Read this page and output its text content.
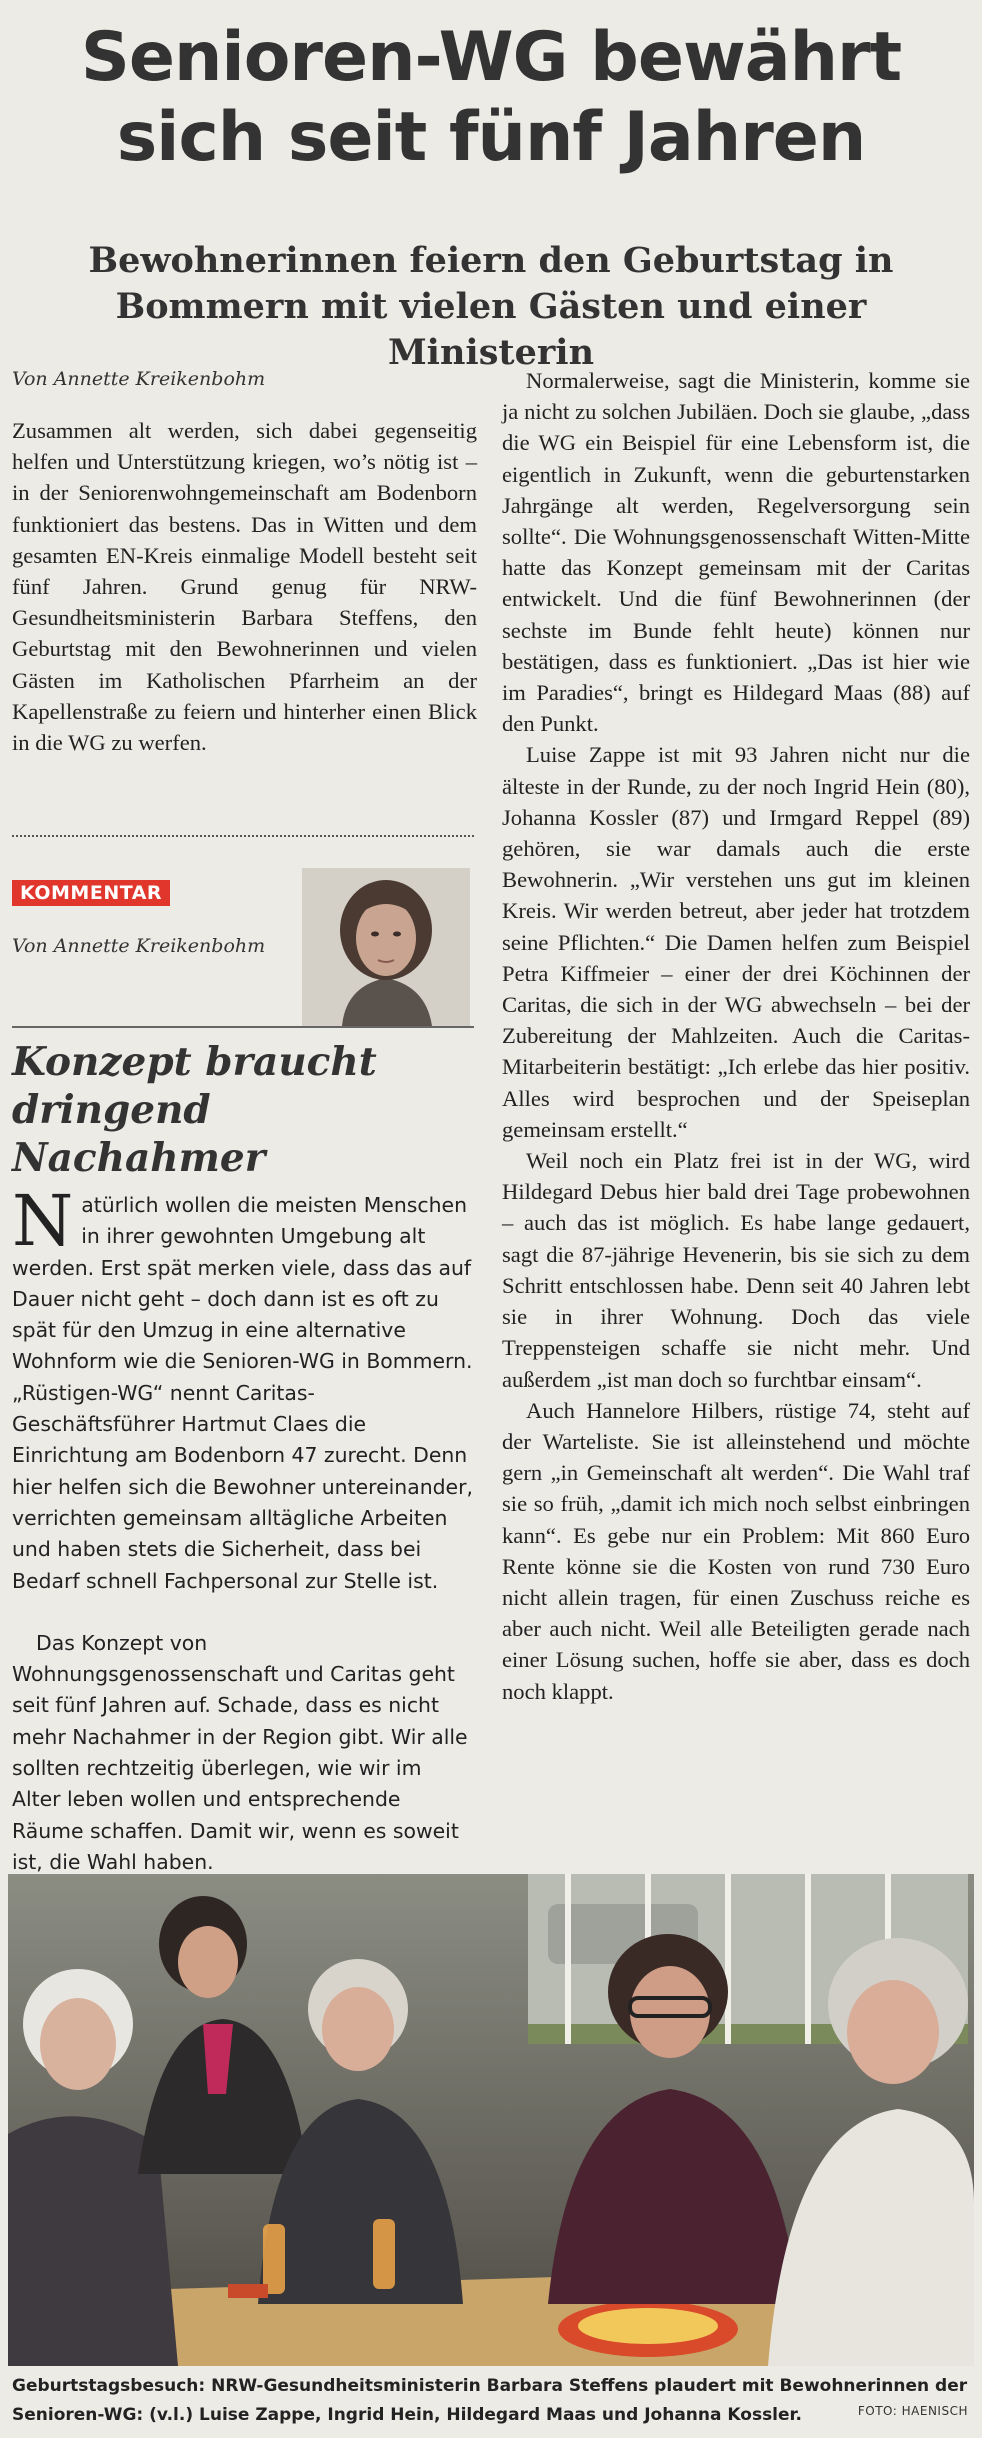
Senioren-WG bewährt
sich seit fünf Jahren
Bewohnerinnen feiern den Geburtstag in
Bommern mit vielen Gästen und einer Ministerin
Von Annette Kreikenbohm

Zusammen alt werden, sich dabei gegenseitig helfen und Unterstützung kriegen, wo’s nötig ist – in der Seniorenwohngemeinschaft am Bodenborn funktioniert das bestens. Das in Witten und dem gesamten EN-Kreis einmalige Modell besteht seit fünf Jahren. Grund genug für NRW-Gesundheitsministerin Barbara Steffens, den Geburtstag mit den Bewohnerinnen und vielen Gästen im Katholischen Pfarrheim an der Kapellenstraße zu feiern und hinterher einen Blick in die WG zu werfen.

KOMMENTAR
Von Annette Kreikenbohm
Konzept braucht dringend Nachahmer
N atürlich wollen die meisten Menschen in ihrer gewohnten Umgebung alt werden. Erst spät merken viele, dass das auf Dauer nicht geht – doch dann ist es oft zu spät für den Umzug in eine alternative Wohnform wie die Senioren-WG in Bommern. „Rüstigen-WG“ nennt Caritas-Geschäftsführer Hartmut Claes die Einrichtung am Bodenborn 47 zurecht. Denn hier helfen sich die Bewohner untereinander, verrichten gemeinsam alltägliche Arbeiten und haben stets die Sicherheit, dass bei Bedarf schnell Fachpersonal zur Stelle ist.

Das Konzept von Wohnungsgenossenschaft und Caritas geht seit fünf Jahren auf. Schade, dass es nicht mehr Nachahmer in der Region gibt. Wir alle sollten rechtzeitig überlegen, wie wir im Alter leben wollen und entsprechende Räume schaffen. Damit wir, wenn es soweit ist, die Wahl haben.

Normalerweise, sagt die Ministerin, komme sie ja nicht zu solchen Jubiläen. Doch sie glaube, „dass die WG ein Beispiel für eine Lebensform ist, die eigentlich in Zukunft, wenn die geburtenstarken Jahrgänge alt werden, Regelversorgung sein sollte“. Die Wohnungsgenossenschaft Witten-Mitte hatte das Konzept gemeinsam mit der Caritas entwickelt. Und die fünf Bewohnerinnen (der sechste im Bunde fehlt heute) können nur bestätigen, dass es funktioniert. „Das ist hier wie im Paradies“, bringt es Hildegard Maas (88) auf den Punkt.

Luise Zappe ist mit 93 Jahren nicht nur die älteste in der Runde, zu der noch Ingrid Hein (80), Johanna Kossler (87) und Irmgard Reppel (89) gehören, sie war damals auch die erste Bewohnerin. „Wir verstehen uns gut im kleinen Kreis. Wir werden betreut, aber jeder hat trotzdem seine Pflichten.“ Die Damen helfen zum Beispiel Petra Kiffmeier – einer der drei Köchinnen der Caritas, die sich in der WG abwechseln – bei der Zubereitung der Mahlzeiten. Auch die Caritas-Mitarbeiterin bestätigt: „Ich erlebe das hier positiv. Alles wird besprochen und der Speiseplan gemeinsam erstellt.“

Weil noch ein Platz frei ist in der WG, wird Hildegard Debus hier bald drei Tage probewohnen – auch das ist möglich. Es habe lange gedauert, sagt die 87-jährige Hevenerin, bis sie sich zu dem Schritt entschlossen habe. Denn seit 40 Jahren lebt sie in ihrer Wohnung. Doch das viele Treppensteigen schaffe sie nicht mehr. Und außerdem „ist man doch so furchtbar einsam“.

Auch Hannelore Hilbers, rüstige 74, steht auf der Warteliste. Sie ist alleinstehend und möchte gern „in Gemeinschaft alt werden“. Die Wahl traf sie so früh, „damit ich mich noch selbst einbringen kann“. Es gebe nur ein Problem: Mit 860 Euro Rente könne sie die Kosten von rund 730 Euro nicht allein tragen, für einen Zuschuss reiche es aber auch nicht. Weil alle Beteiligten gerade nach einer Lösung suchen, hoffe sie aber, dass es doch noch klappt.

Geburtstagsbesuch: NRW-Gesundheitsministerin Barbara Steffens plaudert mit Bewohnerinnen der Senioren-WG: (v.l.) Luise Zappe, Ingrid Hein, Hildegard Maas und Johanna Kossler.	FOTO: HAENISCH
